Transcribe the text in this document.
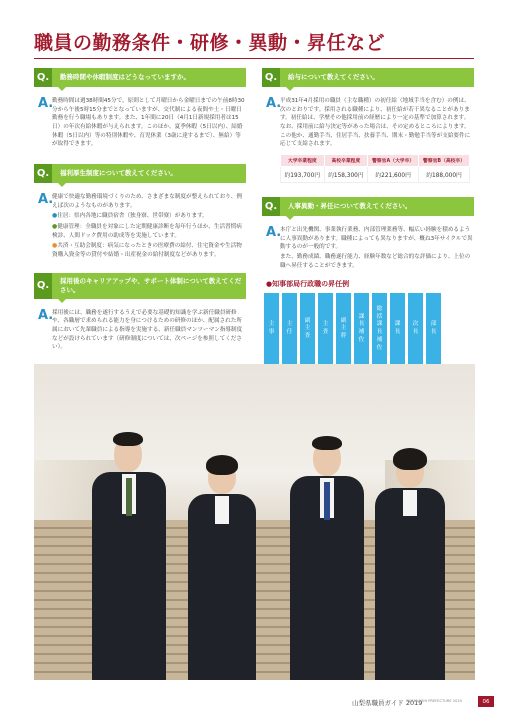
職員の勤務条件・研修・異動・昇任など
Q.	勤務時間や休暇制度はどうなっていますか。
A.

勤務時間は週38時間45分で、原則として月曜日から金曜日までの午前8時30分から午後5時15分までとなっていますが、交代制による夜間や土・日曜日勤務を行う職場もあります。また、1年間に20日（4月1日新規採用者は15日）の年次有給休暇が与えられます。このほか、夏季休暇（5日以内）、結婚休暇（5日以内）等の特別休暇や、育児休業（3歳に達するまで）、無給）等が取得できます。

Q.	福利厚生制度について教えてください。
A.

健康で快適な勤務環境づくりのため、さまざまな制度が整えられており、例えば次のようなものがあります。

●住居：県内各地に職員宿舎（独身寮、世帯寮）があります。

●健康管理：全職員を対象にした定期健康診断を毎年行うほか、生活習慣病検診、人間ドック費用の助成等を実施しています。

●共済・互助会制度：病気になったときの医療費の給付、住宅資金や生活物資購入資金等の貸付や結婚・出産祝金の給付制度などがあります。

Q.	採用後のキャリアアップや、サポート体制について教えてください。
A.

採用後には、職務を遂行するうえで必要な基礎的知識を学ぶ新任職員研修や、各職層で求められる能力を身につけるための研修のほか、配属された所属において先輩職員による指導を実施する、新任職員マンツーマン指導制度などが設けられています（研修制度については、次ページを参照してください）。

Q.	給与について教えてください。
A.

平成31年4月採用の職員（主な職種）の初任給（地域手当を含む）の例は、次のとおりです。採用される職種により、初任給が若干異なることがあります。初任給は、学歴その他採用前の経歴により一定の基準で加算されます。なお、採用前に給与決定等があった場合は、その定めるところによります。この他か、通勤手当、住居手当、扶養手当、期末・勤勉手当等が支給要件に応じて支給されます。

大学卒業程度	高校卒業程度	警察官A（大学卒）	警察官B（高校卒）
約193,700円	約158,300円	約221,600円	約188,000円
Q.	人事異動・昇任について教えてください。
A.

本庁と出先機関、事業執行業務、内部管理業務等、幅広い経験を積めるように人事異動があります。職種によっても異なりますが、概ね3年サイクルで異動するのが一般的です。

また、勤務成績、職務遂行能力、経験年数など総合的な評価により、上位の職へ昇任することができます。

●知事部局行政職の昇任例
主
事
主
任
副
主
査
主
査
副
主
幹
課
長
補
佐
総
括
課
長
補
佐
課
長
次
長
部
長
山梨県職員ガイド 2019
YAMANASHI PREFECTURE 2019	06
